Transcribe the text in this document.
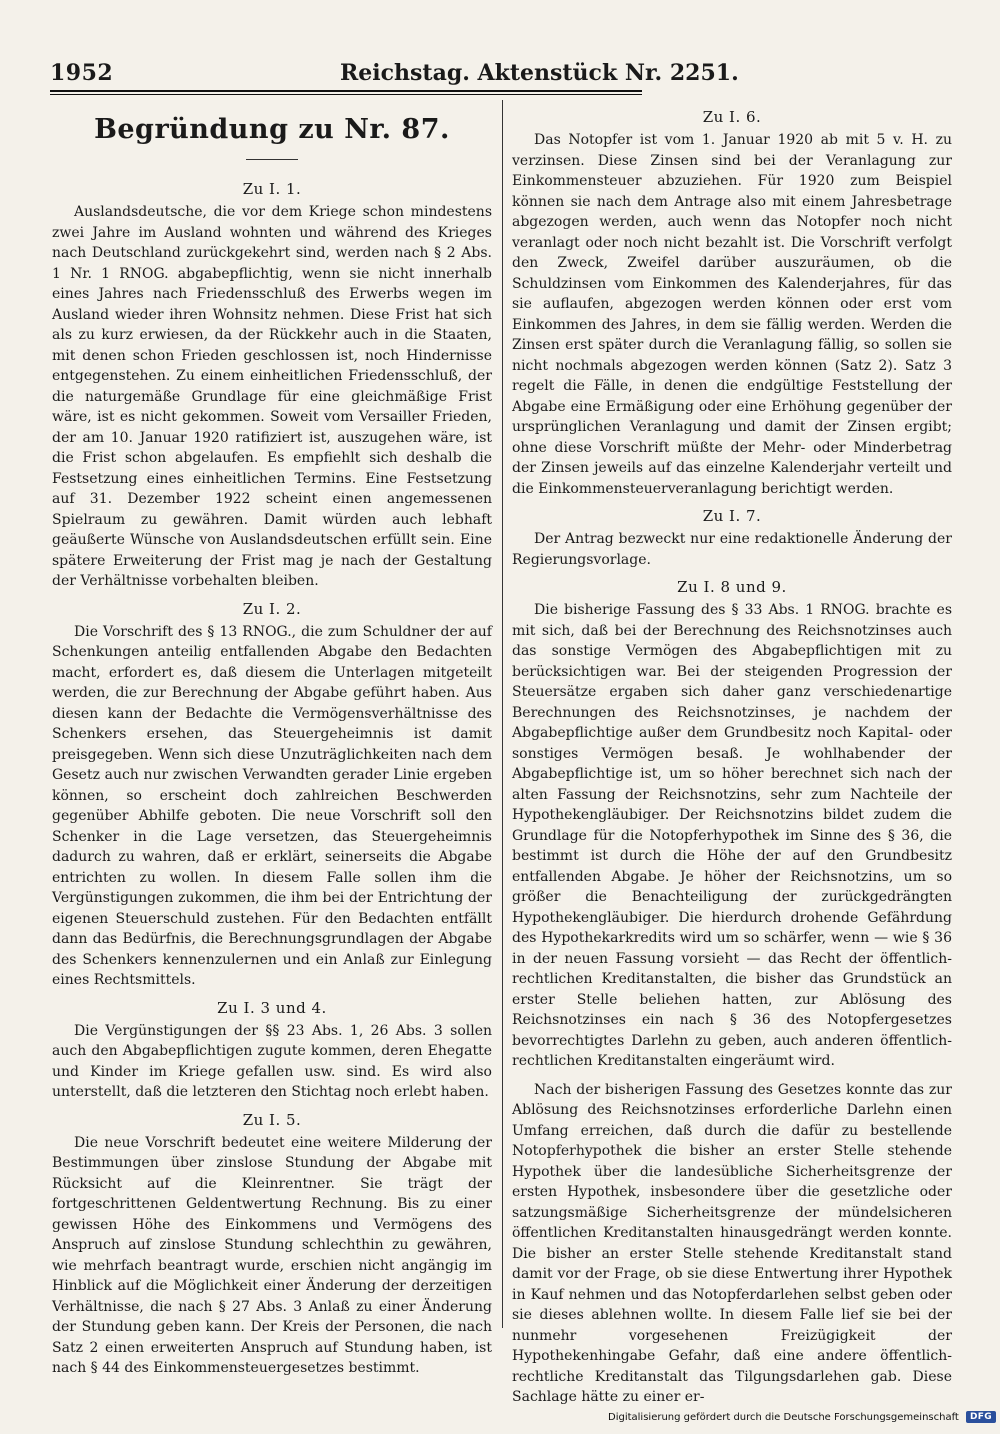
1952	Reichstag. Aktenstück Nr. 2251.
Begründung zu Nr. 87.
Zu I. 1.

Auslandsdeutsche, die vor dem Kriege schon mindestens zwei Jahre im Ausland wohnten und während des Krieges nach Deutschland zurückgekehrt sind, werden nach § 2 Abs. 1 Nr. 1 RNOG. abgabepflichtig, wenn sie nicht innerhalb eines Jahres nach Friedensschluß des Erwerbs wegen im Ausland wieder ihren Wohnsitz nehmen. Diese Frist hat sich als zu kurz erwiesen, da der Rückkehr auch in die Staaten, mit denen schon Frieden geschlossen ist, noch Hindernisse entgegenstehen. Zu einem einheitlichen Friedensschluß, der die naturgemäße Grundlage für eine gleichmäßige Frist wäre, ist es nicht gekommen. Soweit vom Versailler Frieden, der am 10. Januar 1920 ratifiziert ist, auszugehen wäre, ist die Frist schon abgelaufen. Es empfiehlt sich deshalb die Festsetzung eines einheitlichen Termins. Eine Festsetzung auf 31. Dezember 1922 scheint einen angemessenen Spielraum zu gewähren. Damit würden auch lebhaft geäußerte Wünsche von Auslandsdeutschen erfüllt sein. Eine spätere Erweiterung der Frist mag je nach der Gestaltung der Verhältnisse vorbehalten bleiben.

Zu I. 2.

Die Vorschrift des § 13 RNOG., die zum Schuldner der auf Schenkungen anteilig entfallenden Abgabe den Bedachten macht, erfordert es, daß diesem die Unterlagen mitgeteilt werden, die zur Berechnung der Abgabe geführt haben. Aus diesen kann der Bedachte die Vermögensverhältnisse des Schenkers ersehen, das Steuergeheimnis ist damit preisgegeben. Wenn sich diese Unzuträglichkeiten nach dem Gesetz auch nur zwischen Verwandten gerader Linie ergeben können, so erscheint doch zahlreichen Beschwerden gegenüber Abhilfe geboten. Die neue Vorschrift soll den Schenker in die Lage versetzen, das Steuergeheimnis dadurch zu wahren, daß er erklärt, seinerseits die Abgabe entrichten zu wollen. In diesem Falle sollen ihm die Vergünstigungen zukommen, die ihm bei der Entrichtung der eigenen Steuerschuld zustehen. Für den Bedachten entfällt dann das Bedürfnis, die Berechnungsgrundlagen der Abgabe des Schenkers kennenzulernen und ein Anlaß zur Einlegung eines Rechtsmittels.

Zu I. 3 und 4.

Die Vergünstigungen der §§ 23 Abs. 1, 26 Abs. 3 sollen auch den Abgabepflichtigen zugute kommen, deren Ehegatte und Kinder im Kriege gefallen usw. sind. Es wird also unterstellt, daß die letzteren den Stichtag noch erlebt haben.

Zu I. 5.

Die neue Vorschrift bedeutet eine weitere Milderung der Bestimmungen über zinslose Stundung der Abgabe mit Rücksicht auf die Kleinrentner. Sie trägt der fortgeschrittenen Geldentwertung Rechnung. Bis zu einer gewissen Höhe des Einkommens und Vermögens des Anspruch auf zinslose Stundung schlechthin zu gewähren, wie mehrfach beantragt wurde, erschien nicht angängig im Hinblick auf die Möglichkeit einer Änderung der derzeitigen Verhältnisse, die nach § 27 Abs. 3 Anlaß zu einer Änderung der Stundung geben kann. Der Kreis der Personen, die nach Satz 2 einen erweiterten Anspruch auf Stundung haben, ist nach § 44 des Einkommensteuergesetzes bestimmt.

Zu I. 6.

Das Notopfer ist vom 1. Januar 1920 ab mit 5 v. H. zu verzinsen. Diese Zinsen sind bei der Veranlagung zur Einkommensteuer abzuziehen. Für 1920 zum Beispiel können sie nach dem Antrage also mit einem Jahresbetrage abgezogen werden, auch wenn das Notopfer noch nicht veranlagt oder noch nicht bezahlt ist. Die Vorschrift verfolgt den Zweck, Zweifel darüber auszuräumen, ob die Schuldzinsen vom Einkommen des Kalenderjahres, für das sie auflaufen, abgezogen werden können oder erst vom Einkommen des Jahres, in dem sie fällig werden. Werden die Zinsen erst später durch die Veranlagung fällig, so sollen sie nicht nochmals abgezogen werden können (Satz 2). Satz 3 regelt die Fälle, in denen die endgültige Feststellung der Abgabe eine Ermäßigung oder eine Erhöhung gegenüber der ursprünglichen Veranlagung und damit der Zinsen ergibt; ohne diese Vorschrift müßte der Mehr- oder Minderbetrag der Zinsen jeweils auf das einzelne Kalenderjahr verteilt und die Einkommensteuerveranlagung berichtigt werden.

Zu I. 7.

Der Antrag bezweckt nur eine redaktionelle Änderung der Regierungsvorlage.

Zu I. 8 und 9.

Die bisherige Fassung des § 33 Abs. 1 RNOG. brachte es mit sich, daß bei der Berechnung des Reichsnotzinses auch das sonstige Vermögen des Abgabepflichtigen mit zu berücksichtigen war. Bei der steigenden Progression der Steuersätze ergaben sich daher ganz verschiedenartige Berechnungen des Reichsnotzinses, je nachdem der Abgabepflichtige außer dem Grundbesitz noch Kapital- oder sonstiges Vermögen besaß. Je wohlhabender der Abgabepflichtige ist, um so höher berechnet sich nach der alten Fassung der Reichsnotzins, sehr zum Nachteile der Hypothekengläubiger. Der Reichsnotzins bildet zudem die Grundlage für die Notopferhypothek im Sinne des § 36, die bestimmt ist durch die Höhe der auf den Grundbesitz entfallenden Abgabe. Je höher der Reichsnotzins, um so größer die Benachteiligung der zurückgedrängten Hypothekengläubiger. Die hierdurch drohende Gefährdung des Hypothekarkredits wird um so schärfer, wenn — wie § 36 in der neuen Fassung vorsieht — das Recht der öffentlich-rechtlichen Kreditanstalten, die bisher das Grundstück an erster Stelle beliehen hatten, zur Ablösung des Reichsnotzinses ein nach § 36 des Notopfergesetzes bevorrechtigtes Darlehn zu geben, auch anderen öffentlich-rechtlichen Kreditanstalten eingeräumt wird.

Nach der bisherigen Fassung des Gesetzes konnte das zur Ablösung des Reichsnotzinses erforderliche Darlehn einen Umfang erreichen, daß durch die dafür zu bestellende Notopferhypothek die bisher an erster Stelle stehende Hypothek über die landesübliche Sicherheitsgrenze der ersten Hypothek, insbesondere über die gesetzliche oder satzungsmäßige Sicherheitsgrenze der mündelsicheren öffentlichen Kreditanstalten hinausgedrängt werden konnte. Die bisher an erster Stelle stehende Kreditanstalt stand damit vor der Frage, ob sie diese Entwertung ihrer Hypothek in Kauf nehmen und das Notopferdarlehen selbst geben oder sie dieses ablehnen wollte. In diesem Falle lief sie bei der nunmehr vorgesehenen Freizügigkeit der Hypothekenhingabe Gefahr, daß eine andere öffentlich-rechtliche Kreditanstalt das Tilgungsdarlehen gab. Diese Sachlage hätte zu einer er-

Digitalisierung gefördert durch die Deutsche Forschungsgemeinschaft DFG
